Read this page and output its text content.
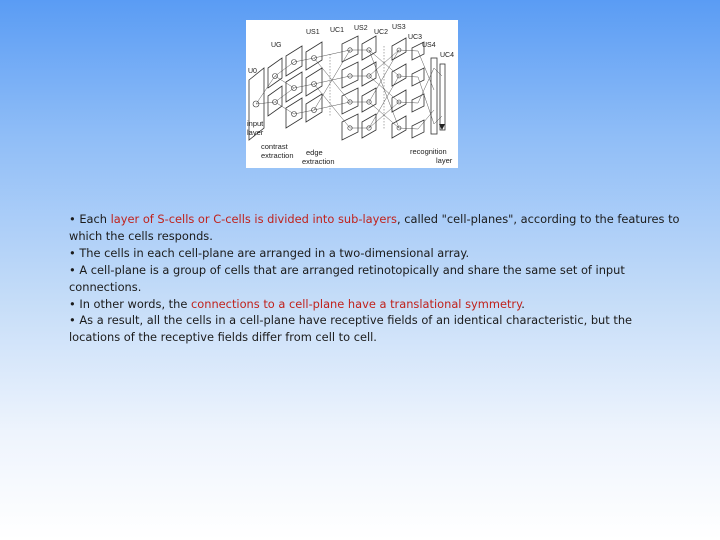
U0
UG
US1 UC1 US2
UC2
US3
UC3
US4
UC4
input
layer
contrast
extraction edge
extraction
recognition
layer

• Each layer of S-cells or C-cells is divided into sub-layers, called "cell-planes", according to the features to which the cells responds.

• The cells in each cell-plane are arranged in a two-dimensional array.

• A cell-plane is a group of cells that are arranged retinotopically and share the same set of input connections.

• In other words, the connections to a cell-plane have a translational symmetry.

• As a result, all the cells in a cell-plane have receptive fields of an identical characteristic, but the locations of the receptive fields differ from cell to cell.
